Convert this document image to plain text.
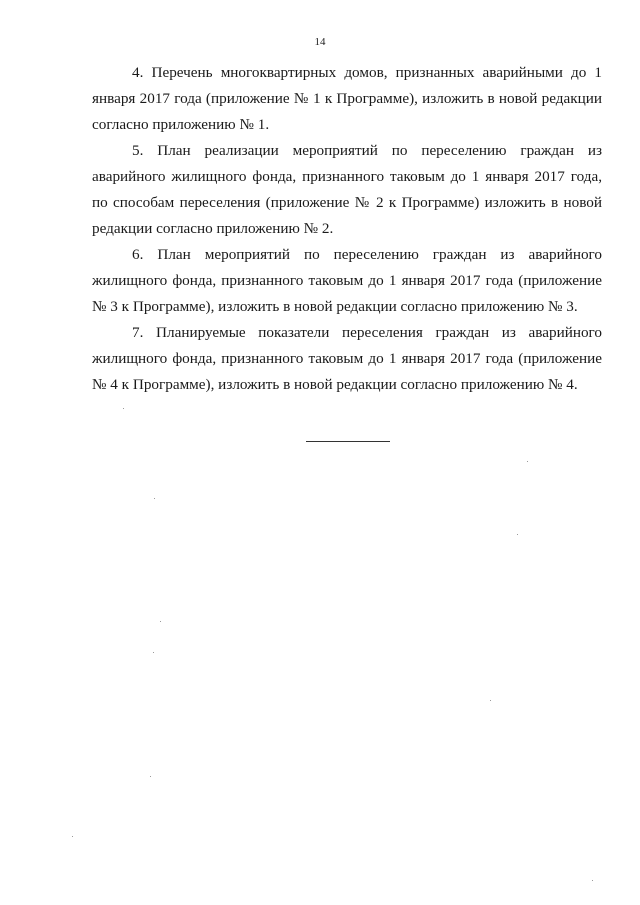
14

4. Перечень многоквартирных домов, признанных аварийными до 1 января 2017 года (приложение № 1 к Программе), изложить в новой редакции согласно приложению № 1.

5. План реализации мероприятий по переселению граждан из аварийного жилищного фонда, признанного таковым до 1 января 2017 года, по способам переселения (приложение № 2 к Программе) изложить в новой редакции согласно приложению № 2.

6. План мероприятий по переселению граждан из аварийного жилищного фонда, признанного таковым до 1 января 2017 года (приложение № 3 к Программе), изложить в новой редакции согласно приложению № 3.

7. Планируемые показатели переселения граждан из аварийного жилищного фонда, признанного таковым до 1 января 2017 года (приложение № 4 к Программе), изложить в новой редакции согласно приложению № 4.
